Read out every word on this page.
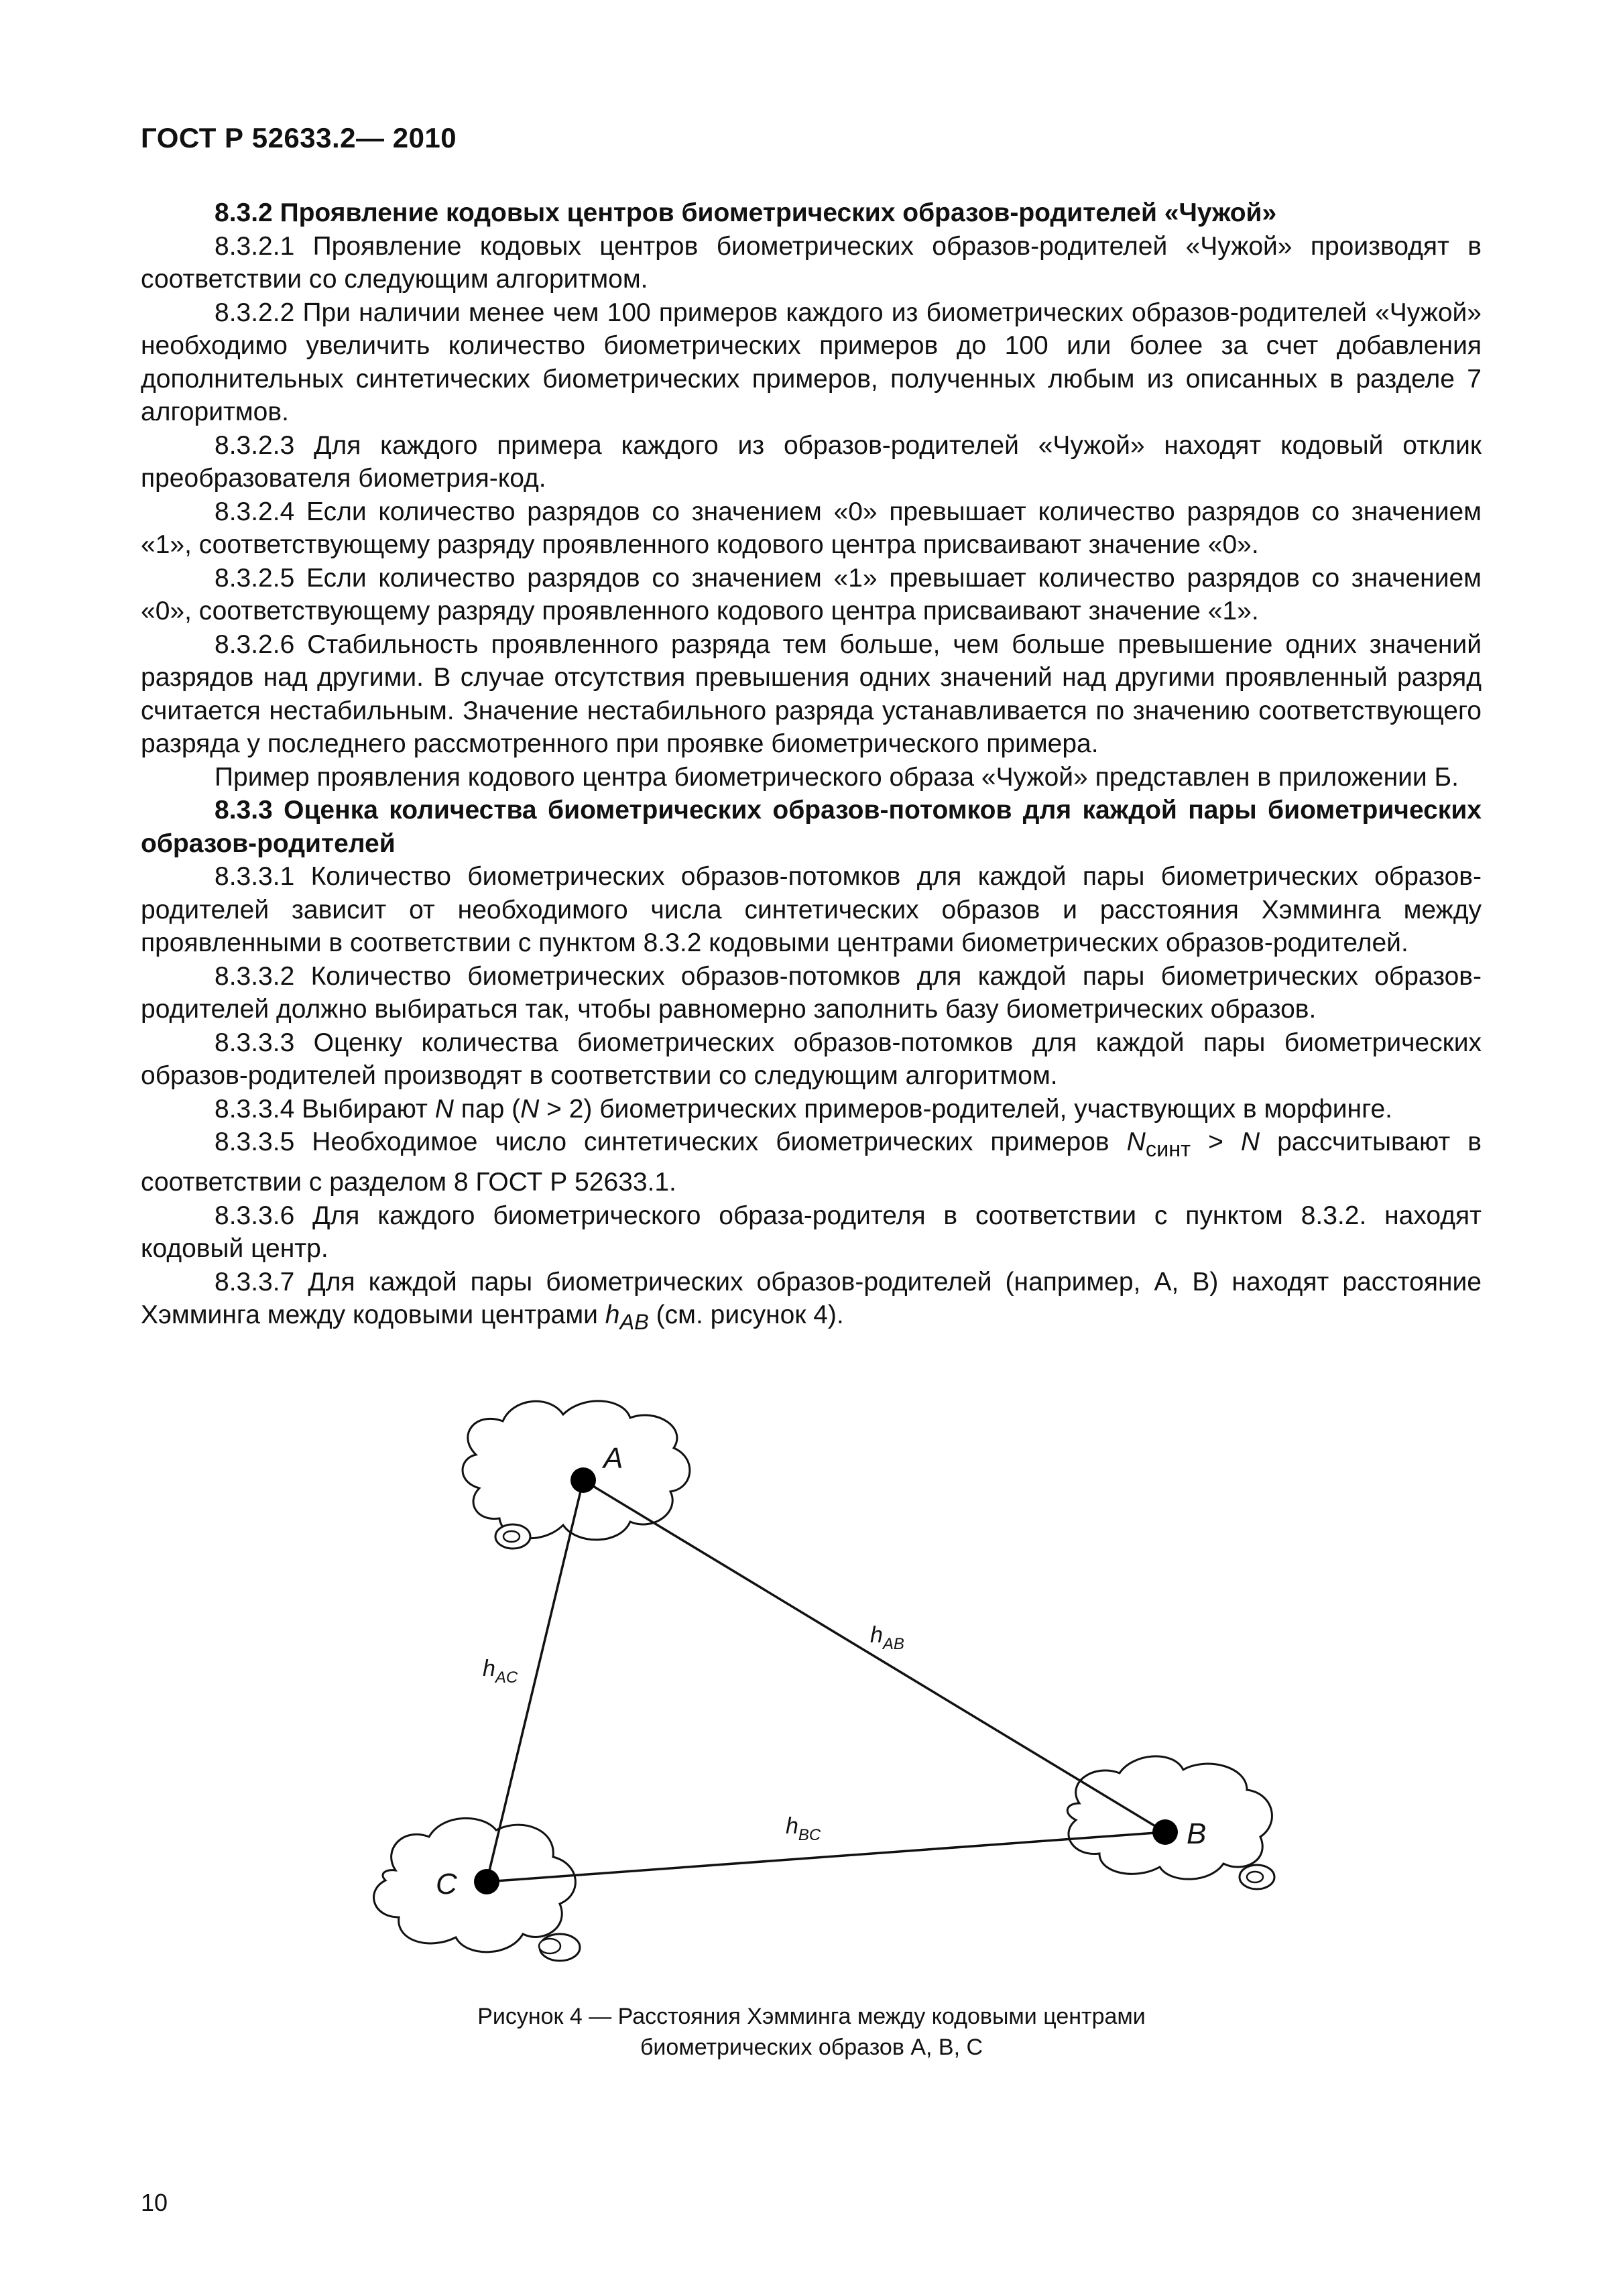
ГОСТ Р 52633.2— 2010

8.3.2 Проявление кодовых центров биометрических образов-родителей «Чужой»

8.3.2.1 Проявление кодовых центров биометрических образов-родителей «Чужой» производят в соответствии со следующим алгоритмом.

8.3.2.2 При наличии менее чем 100 примеров каждого из биометрических образов-родителей «Чужой» необходимо увеличить количество биометрических примеров до 100 или более за счет добавления дополнительных синтетических биометрических примеров, полученных любым из описанных в разделе 7 алгоритмов.

8.3.2.3 Для каждого примера каждого из образов-родителей «Чужой» находят кодовый отклик преобразователя биометрия-код.

8.3.2.4 Если количество разрядов со значением «0» превышает количество разрядов со значением «1», соответствующему разряду проявленного кодового центра присваивают значение «0».

8.3.2.5 Если количество разрядов со значением «1» превышает количество разрядов со значением «0», соответствующему разряду проявленного кодового центра присваивают значение «1».

8.3.2.6 Стабильность проявленного разряда тем больше, чем больше превышение одних значений разрядов над другими. В случае отсутствия превышения одних значений над другими проявленный разряд считается нестабильным. Значение нестабильного разряда устанавливается по значению соответствующего разряда у последнего рассмотренного при проявке биометрического примера.

Пример проявления кодового центра биометрического образа «Чужой» представлен в приложении Б.

8.3.3 Оценка количества биометрических образов-потомков для каждой пары биометрических образов-родителей

8.3.3.1 Количество биометрических образов-потомков для каждой пары биометрических образов-родителей зависит от необходимого числа синтетических образов и расстояния Хэмминга между проявленными в соответствии с пунктом 8.3.2 кодовыми центрами биометрических образов-родителей.

8.3.3.2 Количество биометрических образов-потомков для каждой пары биометрических образов-родителей должно выбираться так, чтобы равномерно заполнить базу биометрических образов.

8.3.3.3 Оценку количества биометрических образов-потомков для каждой пары биометрических образов-родителей производят в соответствии со следующим алгоритмом.

8.3.3.4 Выбирают N пар (N > 2) биометрических примеров-родителей, участвующих в морфинге.

8.3.3.5 Необходимое число синтетических биометрических примеров $N_{синт} > N$ рассчитывают в соответствии с разделом 8 ГОСТ Р 52633.1.

8.3.3.6 Для каждого биометрического образа-родителя в соответствии с пунктом 8.3.2. находят кодовый центр.

8.3.3.7 Для каждой пары биометрических образов-родителей (например, А, В) находят расстояние Хэмминга между кодовыми центрами $h_{AB}$ (см. рисунок 4).

A
B
C
$h_{AB}$
$h_{AC}$
$h_{BC}$
Рисунок 4 — Расстояния Хэмминга между кодовыми центрами
биометрических образов А, В, С
10
